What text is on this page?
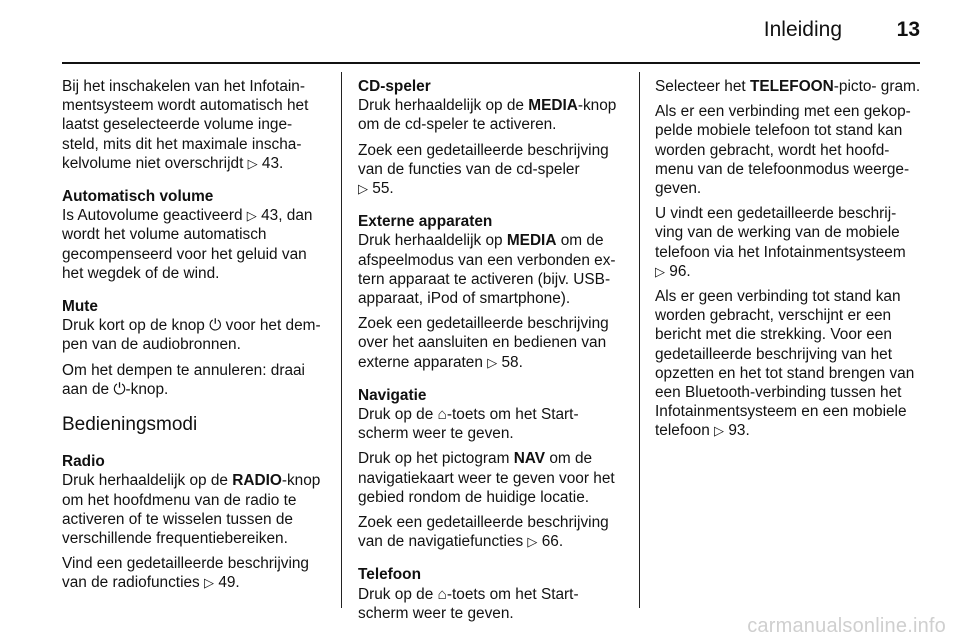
Inleiding	13

Bij het inschakelen van het Infotain‐ mentsysteem wordt automatisch het laatst geselecteerde volume inge‐ steld, mits dit het maximale inscha‐ kelvolume niet overschrijdt ▷ 43.

Automatisch volume
Is Autovolume geactiveerd ▷ 43, dan wordt het volume automatisch gecompenseerd voor het geluid van het wegdek of de wind.

Mute
Druk kort op de knop ⏻ voor het dem‐ pen van de audiobronnen.

Om het dempen te annuleren: draai aan de ⏻-knop.

Bedieningsmodi

Radio
Druk herhaaldelijk op de RADIO-knop om het hoofdmenu van de radio te activeren of te wisselen tussen de verschillende frequentiebereiken.

Vind een gedetailleerde beschrijving van de radiofuncties ▷ 49.

CD-speler
Druk herhaaldelijk op de MEDIA-knop om de cd-speler te activeren.

Zoek een gedetailleerde beschrijving van de functies van de cd-speler
▷ 55.

Externe apparaten
Druk herhaaldelijk op MEDIA om de afspeelmodus van een verbonden ex‐ tern apparaat te activeren (bijv. USB- apparaat, iPod of smartphone).

Zoek een gedetailleerde beschrijving over het aansluiten en bedienen van externe apparaten ▷ 58.

Navigatie
Druk op de ⌂-toets om het Start‐ scherm weer te geven.

Druk op het pictogram NAV om de navigatiekaart weer te geven voor het gebied rondom de huidige locatie.

Zoek een gedetailleerde beschrijving van de navigatiefuncties ▷ 66.

Telefoon
Druk op de ⌂-toets om het Start‐ scherm weer te geven.

Selecteer het TELEFOON-picto‐ gram.

Als er een verbinding met een gekop‐ pelde mobiele telefoon tot stand kan worden gebracht, wordt het hoofd‐ menu van de telefoonmodus weerge‐ geven.

U vindt een gedetailleerde beschrij‐ ving van de werking van de mobiele telefoon via het Infotainmentsysteem
▷ 96.

Als er geen verbinding tot stand kan worden gebracht, verschijnt er een bericht met die strekking. Voor een gedetailleerde beschrijving van het opzetten en het tot stand brengen van een Bluetooth-verbinding tussen het Infotainmentsysteem en een mobiele telefoon ▷ 93.

carmanualsonline.info
